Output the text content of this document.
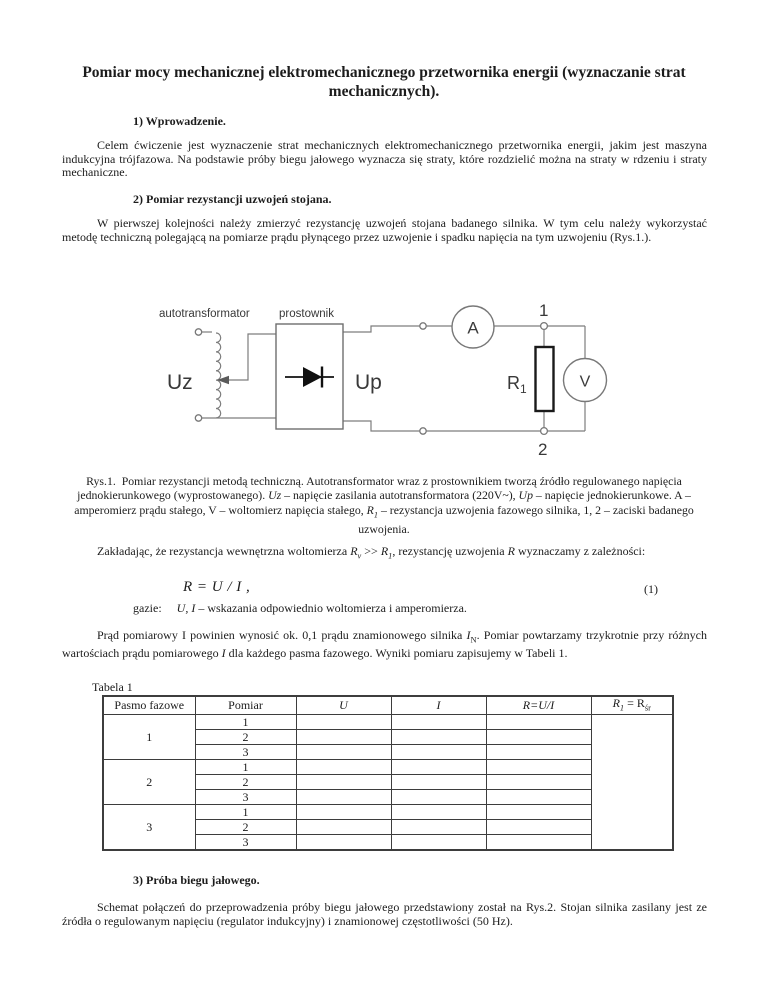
Pomiar mocy mechanicznej elektromechanicznego przetwornika energii (wyznaczanie strat mechanicznych).
1) Wprowadzenie.
Celem ćwiczenie jest wyznaczenie strat mechanicznych elektromechanicznego przetwornika energii, jakim jest maszyna indukcyjna trójfazowa. Na podstawie próby biegu jałowego wyznacza się straty, które rozdzielić można na straty w rdzeniu i straty mechaniczne.
2) Pomiar rezystancji uzwojeń stojana.
W pierwszej kolejności należy zmierzyć rezystancję uzwojeń stojana badanego silnika. W tym celu należy wykorzystać metodę techniczną polegającą na pomiarze prądu płynącego przez uzwojenie i spadku napięcia na tym uzwojeniu (Rys.1.).
A
V
autotransformator	prostownik
Uz	Up	R 1
1
2
Rys.1.  Pomiar rezystancji metodą techniczną. Autotransformator wraz z prostownikiem tworzą źródło regulowanego napięcia jednokierunkowego (wyprostowanego). Uz – napięcie zasilania autotransformatora (220V~), Up – napięcie jednokierunkowe. A – amperomierz prądu stałego, V – woltomierz napięcia stałego, $R_1$ – rezystancja uzwojenia fazowego silnika, 1, 2 – zaciski badanego uzwojenia.
Zakładając, że rezystancja wewnętrzna woltomierza $R_v >> R_1$, rezystancję uzwojenia R wyznaczamy z zależności:
R = U / I ,	(1)
gazie: U, I – wskazania odpowiednio woltomierza i amperomierza.
Prąd pomiarowy I powinien wynosić ok. 0,1 prądu znamionowego silnika $I_N$. Pomiar powtarzamy trzykrotnie przy różnych wartościach prądu pomiarowego I dla każdego pasma fazowego. Wyniki pomiaru zapisujemy w Tabeli 1.
Tabela 1
Pasmo fazowe	Pomiar	U	I	R=U/I	$R_1 = R_{śr}$
1	1				
	2				
	3				
2	1				
	2				
	3				
3	1				
	2				
	3				
3) Próba biegu jałowego.
Schemat połączeń do przeprowadzenia próby biegu jałowego przedstawiony został na Rys.2. Stojan silnika zasilany jest ze źródła o regulowanym napięciu (regulator indukcyjny) i znamionowej częstotliwości (50 Hz).
